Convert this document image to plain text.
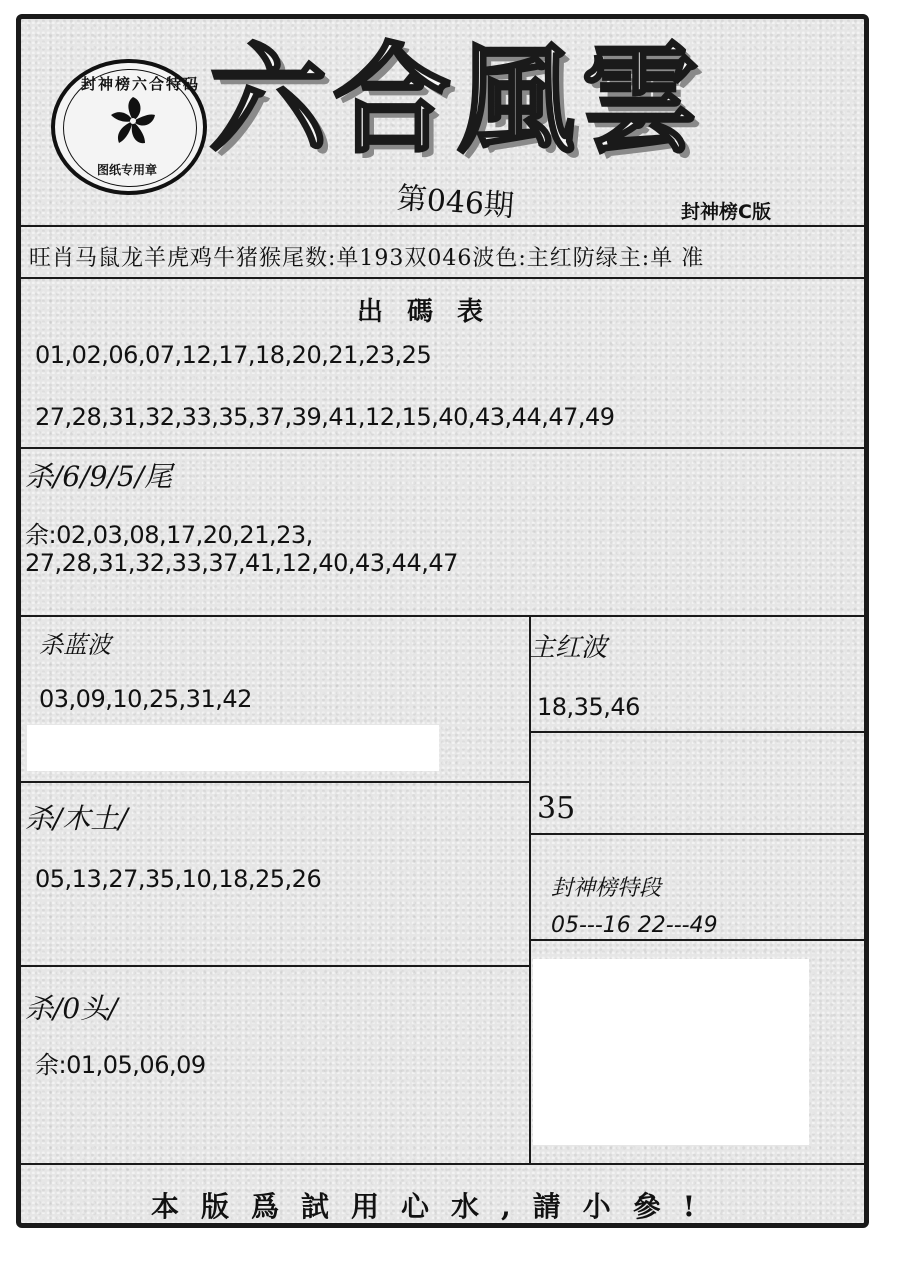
封神榜六合特码
图纸专用章
六合風雲
第046期	封神榜C版
旺肖马鼠龙羊虎鸡牛猪猴尾数:单193双046波色:主红防绿主:单 准
出碼表
01,02,06,07,12,17,18,20,21,23,25
27,28,31,32,33,35,37,39,41,12,15,40,43,44,47,49
杀/6/9/5/尾
余:02,03,08,17,20,21,23,
27,28,31,32,33,37,41,12,40,43,44,47
杀蓝波
03,09,10,25,31,42
杀/木土/
05,13,27,35,10,18,25,26
杀/0头/
余:01,05,06,09
主红波
18,35,46
35
封神榜特段
05---16 22---49
本版爲試用心水,請小參!
